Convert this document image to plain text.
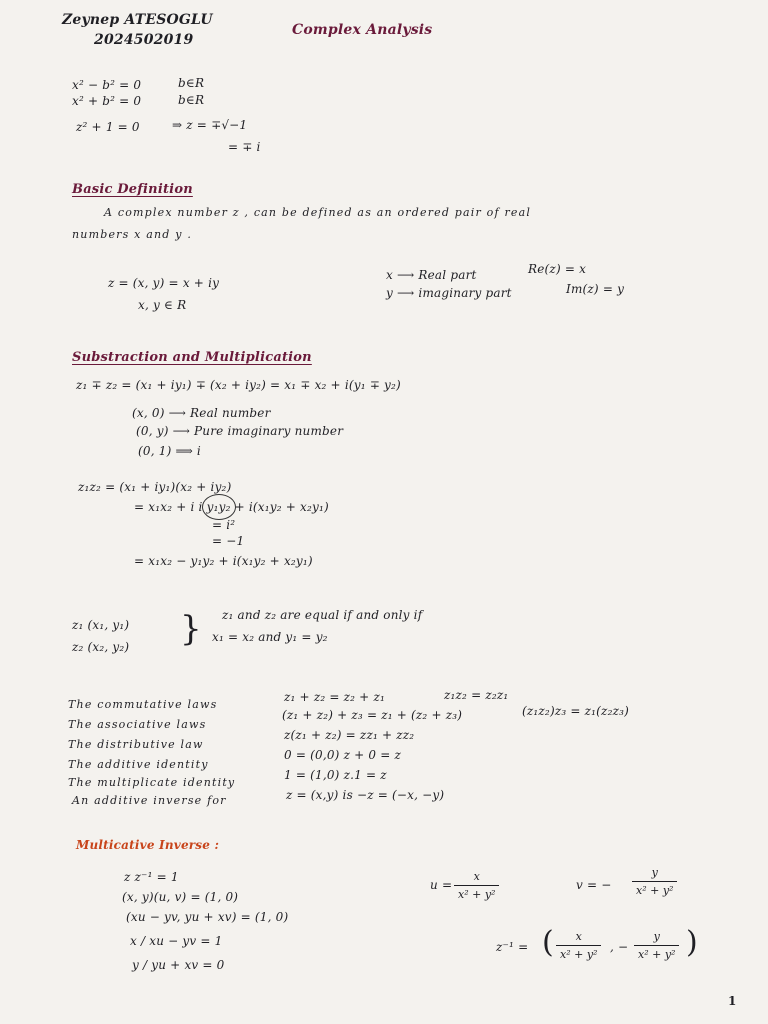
Zeynep ATESOGLU
2024502019
Complex Analysis
x² − b² = 0	b∈R
x² + b² = 0	b∈R
z² + 1 = 0	⇒ z = ∓√−1
= ∓ i
Basic Definition
A complex number z , can be defined as an ordered pair of real
numbers x and y .
z = (x, y) = x + iy
x, y ∈ R
x ⟶ Real part
y ⟶ imaginary part
Re(z) = x
Im(z) = y
Substraction and Multiplication
z₁ ∓ z₂ = (x₁ + iy₁) ∓ (x₂ + iy₂) = x₁ ∓ x₂ + i(y₁ ∓ y₂)
(x, 0) ⟶ Real number
(0, y) ⟶ Pure imaginary number
(0, 1) ⟹ i
z₁z₂ = (x₁ + iy₁)(x₂ + iy₂)
= x₁x₂ + i i y₁y₂ + i(x₁y₂ + x₂y₁)
= i²
= −1
= x₁x₂ − y₁y₂ + i(x₁y₂ + x₂y₁)
z₁ (x₁, y₁)
z₂ (x₂, y₂) } z₁ and z₂ are equal if and only if
x₁ = x₂ and y₁ = y₂
The commutative laws
z₁ + z₂ = z₂ + z₁	z₁z₂ = z₂z₁
The associative laws
(z₁ + z₂) + z₃ = z₁ + (z₂ + z₃)	(z₁z₂)z₃ = z₁(z₂z₃)
The distributive law
z(z₁ + z₂) = zz₁ + zz₂
The additive identity
0 = (0,0) z + 0 = z
The multiplicate identity
1 = (1,0) z.1 = z
An additive inverse for	z = (x,y) is −z = (−x, −y)
Multicative Inverse :
z z⁻¹ = 1
(x, y)(u, v) = (1, 0)
(xu − yv, yu + xv) = (1, 0)
x / xu − yv = 1
y / yu + xv = 0
u =
x
x² + y²
v = −
y
x² + y²
z⁻¹ = (	x
x² + y²
, −
y
x² + y² )
1
